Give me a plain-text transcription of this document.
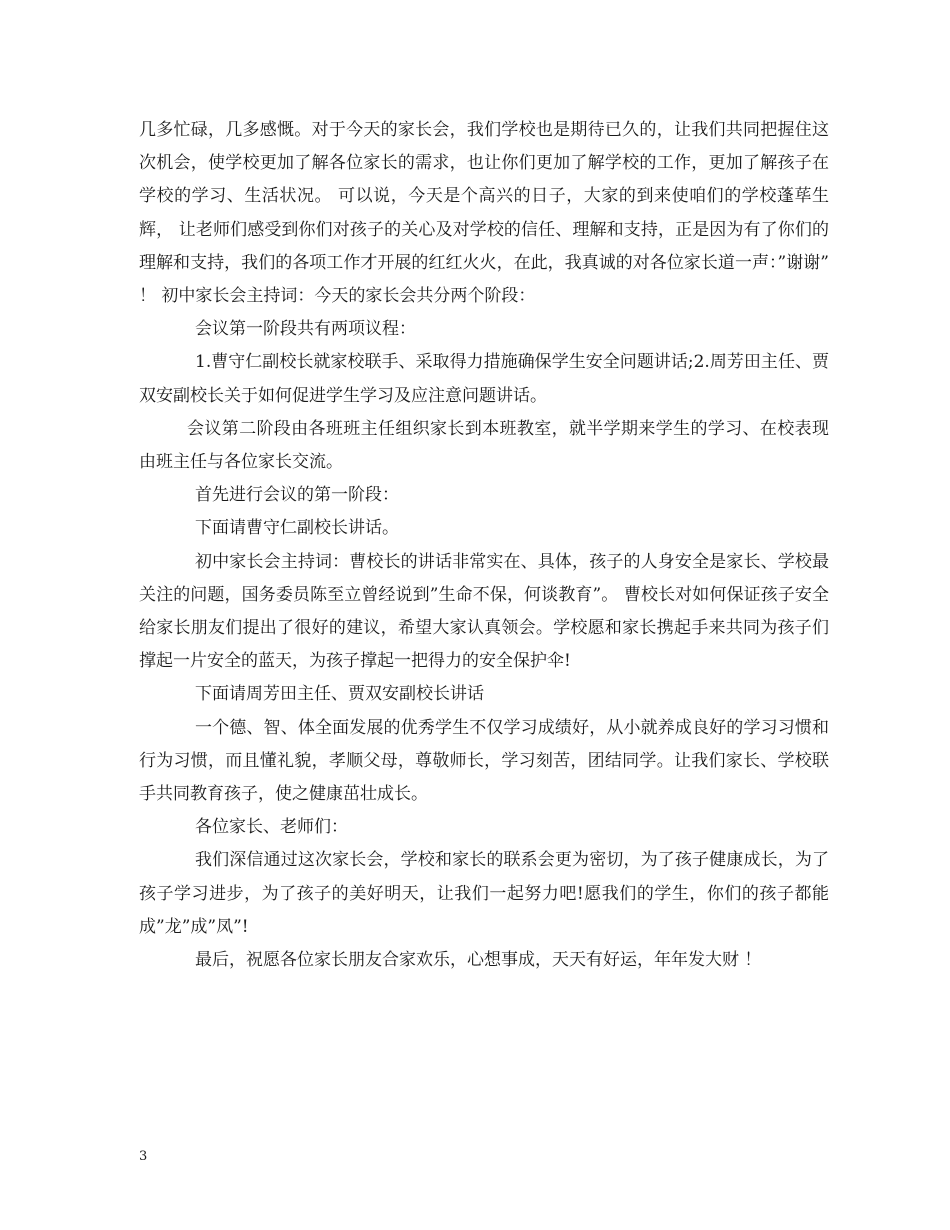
几多忙碌，几多感慨。对于今天的家长会，我们学校也是期待已久的，让我们共同把握住这次机会，使学校更加了解各位家长的需求，也让你们更加了解学校的工作，更加了解孩子在学校的学习、生活状况。 可以说，今天是个高兴的日子，大家的到来使咱们的学校蓬荜生辉， 让老师们感受到你们对孩子的关心及对学校的信任、理解和支持，正是因为有了你们的理解和支持，我们的各项工作才开展的红红火火，在此，我真诚的对各位家长道一声：”谢谢” ！ 初中家长会主持词：今天的家长会共分两个阶段：

会议第一阶段共有两项议程：

1.曹守仁副校长就家校联手、采取得力措施确保学生安全问题讲话;2.周芳田主任、贾双安副校长关于如何促进学生学习及应注意问题讲话。

会议第二阶段由各班班主任组织家长到本班教室，就半学期来学生的学习、在校表现由班主任与各位家长交流。

首先进行会议的第一阶段：

下面请曹守仁副校长讲话。

初中家长会主持词：曹校长的讲话非常实在、具体，孩子的人身安全是家长、学校最关注的问题，国务委员陈至立曾经说到”生命不保，何谈教育”。 曹校长对如何保证孩子安全给家长朋友们提出了很好的建议，希望大家认真领会。学校愿和家长携起手来共同为孩子们撑起一片安全的蓝天，为孩子撑起一把得力的安全保护伞!

下面请周芳田主任、贾双安副校长讲话

一个德、智、体全面发展的优秀学生不仅学习成绩好，从小就养成良好的学习习惯和行为习惯，而且懂礼貌，孝顺父母，尊敬师长，学习刻苦，团结同学。让我们家长、学校联手共同教育孩子，使之健康茁壮成长。

各位家长、老师们：

我们深信通过这次家长会，学校和家长的联系会更为密切，为了孩子健康成长，为了孩子学习进步，为了孩子的美好明天，让我们一起努力吧!愿我们的学生，你们的孩子都能成”龙”成”凤”!

最后，祝愿各位家长朋友合家欢乐，心想事成，天天有好运，年年发大财 ！

3
